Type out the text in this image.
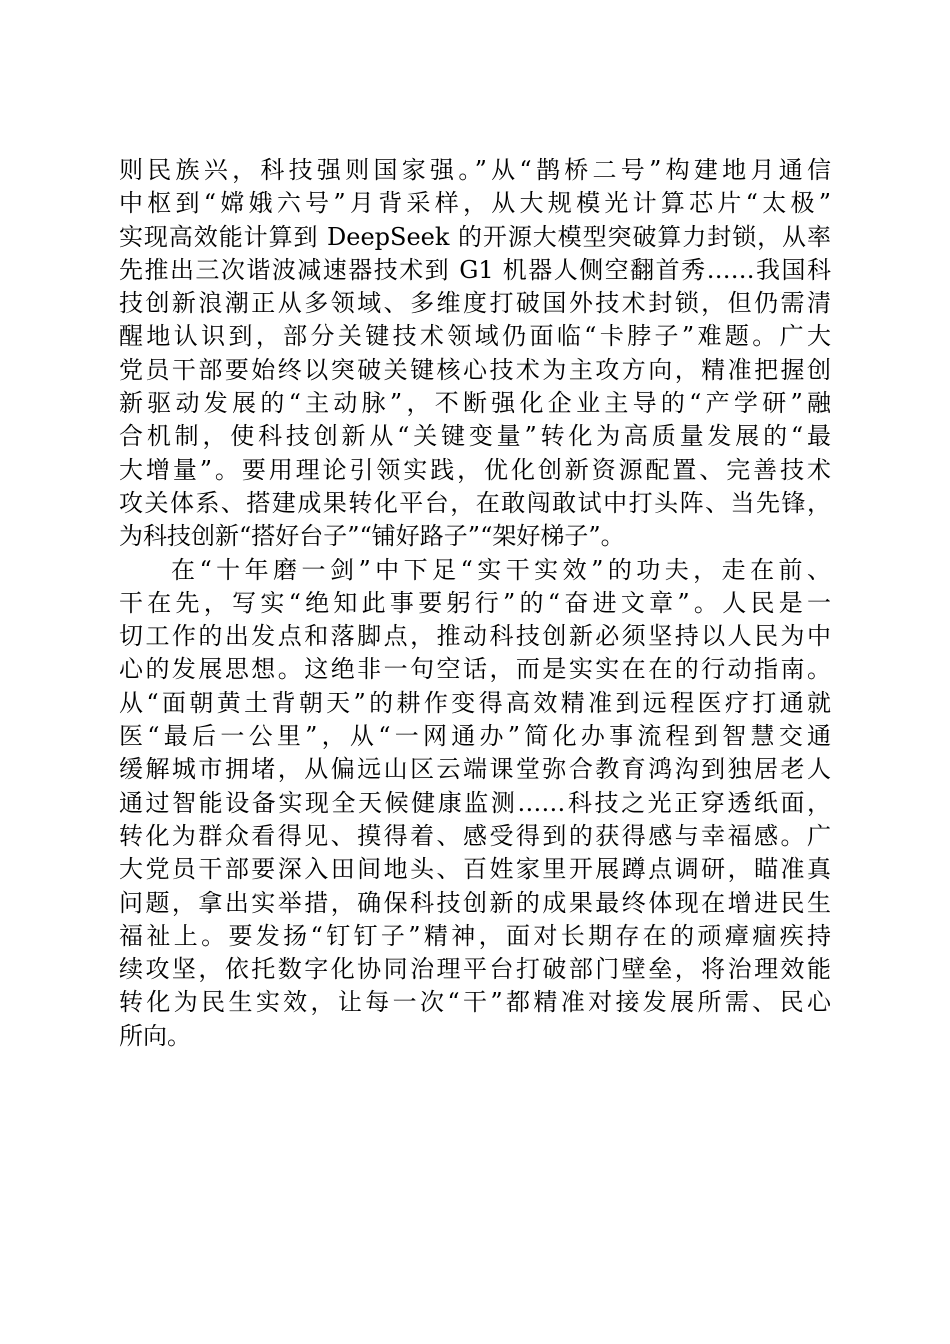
则民族兴，科技强则国家强。”从“鹊桥二号”构建地月通信
中枢到“嫦娥六号”月背采样，从大规模光计算芯片“太极”
实现高效能计算到 DeepSeek 的开源大模型突破算力封锁，从率
先推出三次谐波减速器技术到 G1 机器人侧空翻首秀……我国科
技创新浪潮正从多领域、多维度打破国外技术封锁，但仍需清
醒地认识到，部分关键技术领域仍面临“卡脖子”难题。广大
党员干部要始终以突破关键核心技术为主攻方向，精准把握创
新驱动发展的“主动脉”，不断强化企业主导的“产学研”融
合机制，使科技创新从“关键变量”转化为高质量发展的“最
大增量”。要用理论引领实践，优化创新资源配置、完善技术
攻关体系、搭建成果转化平台，在敢闯敢试中打头阵、当先锋，
为科技创新“搭好台子”“铺好路子”“架好梯子”。
在“十年磨一剑”中下足“实干实效”的功夫，走在前、
干在先，写实“绝知此事要躬行”的“奋进文章”。人民是一
切工作的出发点和落脚点，推动科技创新必须坚持以人民为中
心的发展思想。这绝非一句空话，而是实实在在的行动指南。
从“面朝黄土背朝天”的耕作变得高效精准到远程医疗打通就
医“最后一公里”，从“一网通办”简化办事流程到智慧交通
缓解城市拥堵，从偏远山区云端课堂弥合教育鸿沟到独居老人
通过智能设备实现全天候健康监测……科技之光正穿透纸面，
转化为群众看得见、摸得着、感受得到的获得感与幸福感。广
大党员干部要深入田间地头、百姓家里开展蹲点调研，瞄准真
问题，拿出实举措，确保科技创新的成果最终体现在增进民生
福祉上。要发扬“钉钉子”精神，面对长期存在的顽瘴痼疾持
续攻坚，依托数字化协同治理平台打破部门壁垒，将治理效能
转化为民生实效，让每一次“干”都精准对接发展所需、民心
所向。
